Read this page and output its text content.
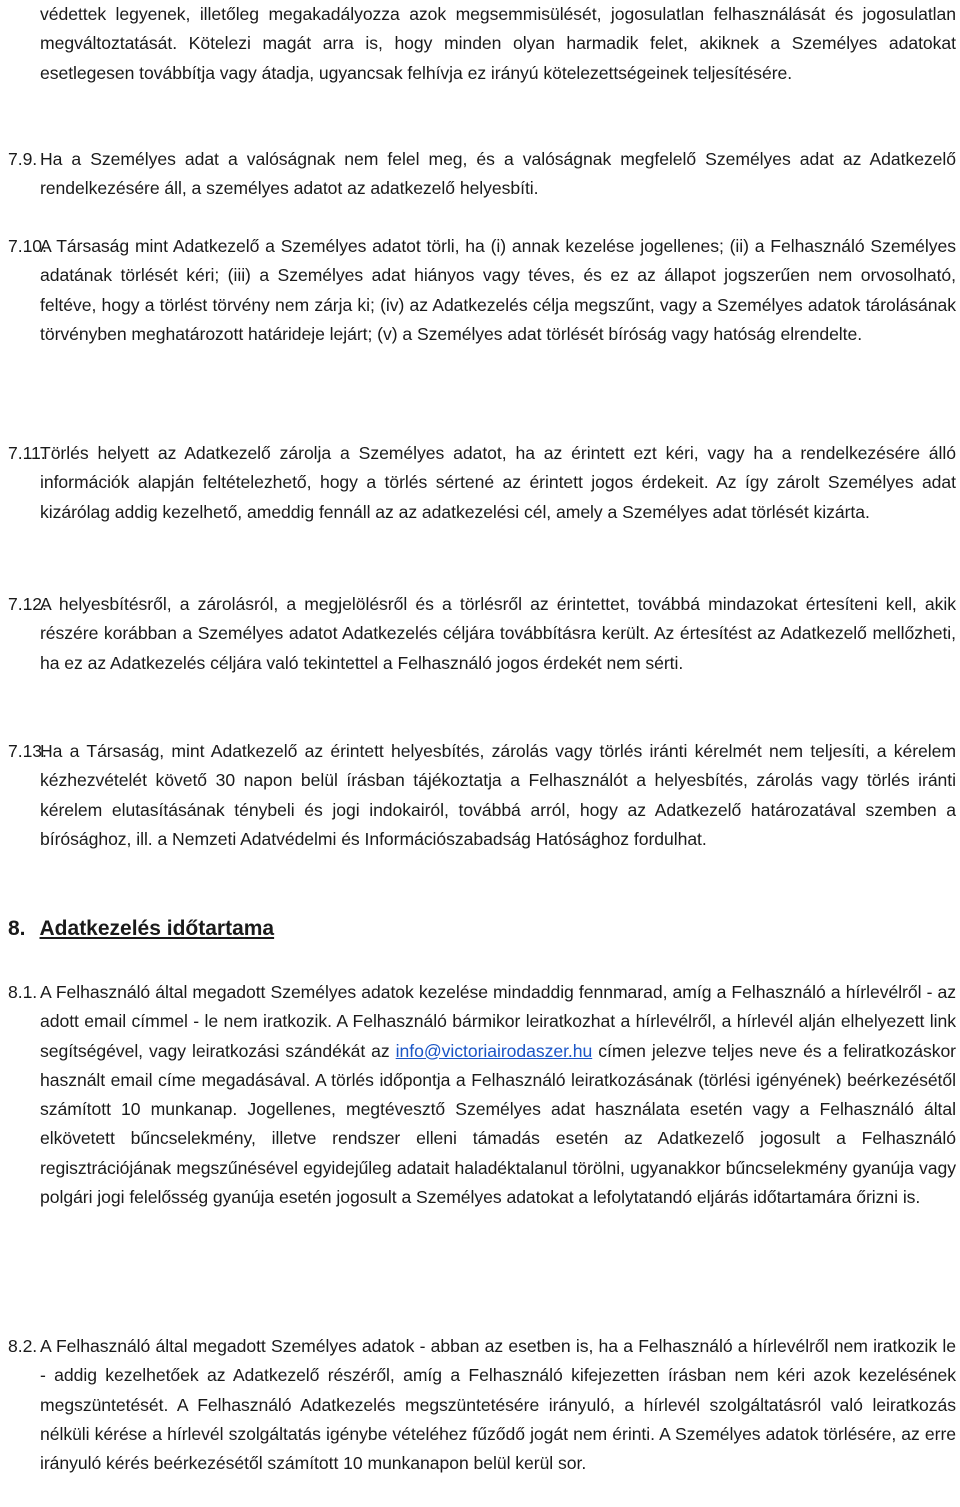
védettek legyenek, illetőleg megakadályozza azok megsemmisülését, jogosulatlan felhasználását és jogosulatlan megváltoztatását. Kötelezi magát arra is, hogy minden olyan harmadik felet, akiknek a Személyes adatokat esetlegesen továbbítja vagy átadja, ugyancsak felhívja ez irányú kötelezettségeinek teljesítésére.
7.9. Ha a Személyes adat a valóságnak nem felel meg, és a valóságnak megfelelő Személyes adat az Adatkezelő rendelkezésére áll, a személyes adatot az adatkezelő helyesbíti.
7.10.
A Társaság mint Adatkezelő a Személyes adatot törli, ha (i) annak kezelése jogellenes; (ii) a Felhasználó Személyes adatának törlését kéri; (iii) a Személyes adat hiányos vagy téves, és ez az állapot jogszerűen nem orvosolható, feltéve, hogy a törlést törvény nem zárja ki; (iv) az Adatkezelés célja megszűnt, vagy a Személyes adatok tárolásának törvényben meghatározott határideje lejárt; (v) a Személyes adat törlését bíróság vagy hatóság elrendelte.
7.11.
Törlés helyett az Adatkezelő zárolja a Személyes adatot, ha az érintett ezt kéri, vagy ha a rendelkezésére álló információk alapján feltételezhető, hogy a törlés sértené az érintett jogos érdekeit. Az így zárolt Személyes adat kizárólag addig kezelhető, ameddig fennáll az az adatkezelési cél, amely a Személyes adat törlését kizárta.
7.12.
A helyesbítésről, a zárolásról, a megjelölésről és a törlésről az érintettet, továbbá mindazokat értesíteni kell, akik részére korábban a Személyes adatot Adatkezelés céljára továbbításra került. Az értesítést az Adatkezelő mellőzheti, ha ez az Adatkezelés céljára való tekintettel a Felhasználó jogos érdekét nem sérti.
7.13.
Ha a Társaság, mint Adatkezelő az érintett helyesbítés, zárolás vagy törlés iránti kérelmét nem teljesíti, a kérelem kézhezvételét követő 30 napon belül írásban tájékoztatja a Felhasználót a helyesbítés, zárolás vagy törlés iránti kérelem elutasításának ténybeli és jogi indokairól, továbbá arról, hogy az Adatkezelő határozatával szemben a bírósághoz, ill. a Nemzeti Adatvédelmi és Információszabadság Hatósághoz fordulhat.
8. Adatkezelés időtartama
8.1. A Felhasználó által megadott Személyes adatok kezelése mindaddig fennmarad, amíg a Felhasználó a hírlevélről - az adott email címmel - le nem iratkozik. A Felhasználó bármikor leiratkozhat a hírlevélről, a hírlevél alján elhelyezett link segítségével, vagy leiratkozási szándékát az info@victoriairodaszer.hu címen jelezve teljes neve és a feliratkozáskor használt email címe megadásával. A törlés időpontja a Felhasználó leiratkozásának (törlési igényének) beérkezésétől számított 10 munkanap. Jogellenes, megtévesztő Személyes adat használata esetén vagy a Felhasználó által elkövetett bűncselekmény, illetve rendszer elleni támadás esetén az Adatkezelő jogosult a Felhasználó regisztrációjának megszűnésével egyidejűleg adatait haladéktalanul törölni, ugyanakkor bűncselekmény gyanúja vagy polgári jogi felelősség gyanúja esetén jogosult a Személyes adatokat a lefolytatandó eljárás időtartamára őrizni is.
8.2. A Felhasználó által megadott Személyes adatok - abban az esetben is, ha a Felhasználó a hírlevélről nem iratkozik le - addig kezelhetőek az Adatkezelő részéről, amíg a Felhasználó kifejezetten írásban nem kéri azok kezelésének megszüntetését. A Felhasználó Adatkezelés megszüntetésére irányuló, a hírlevél szolgáltatásról való leiratkozás nélküli kérése a hírlevél szolgáltatás igénybe vételéhez fűződő jogát nem érinti. A Személyes adatok törlésére, az erre irányuló kérés beérkezésétől számított 10 munkanapon belül kerül sor.
